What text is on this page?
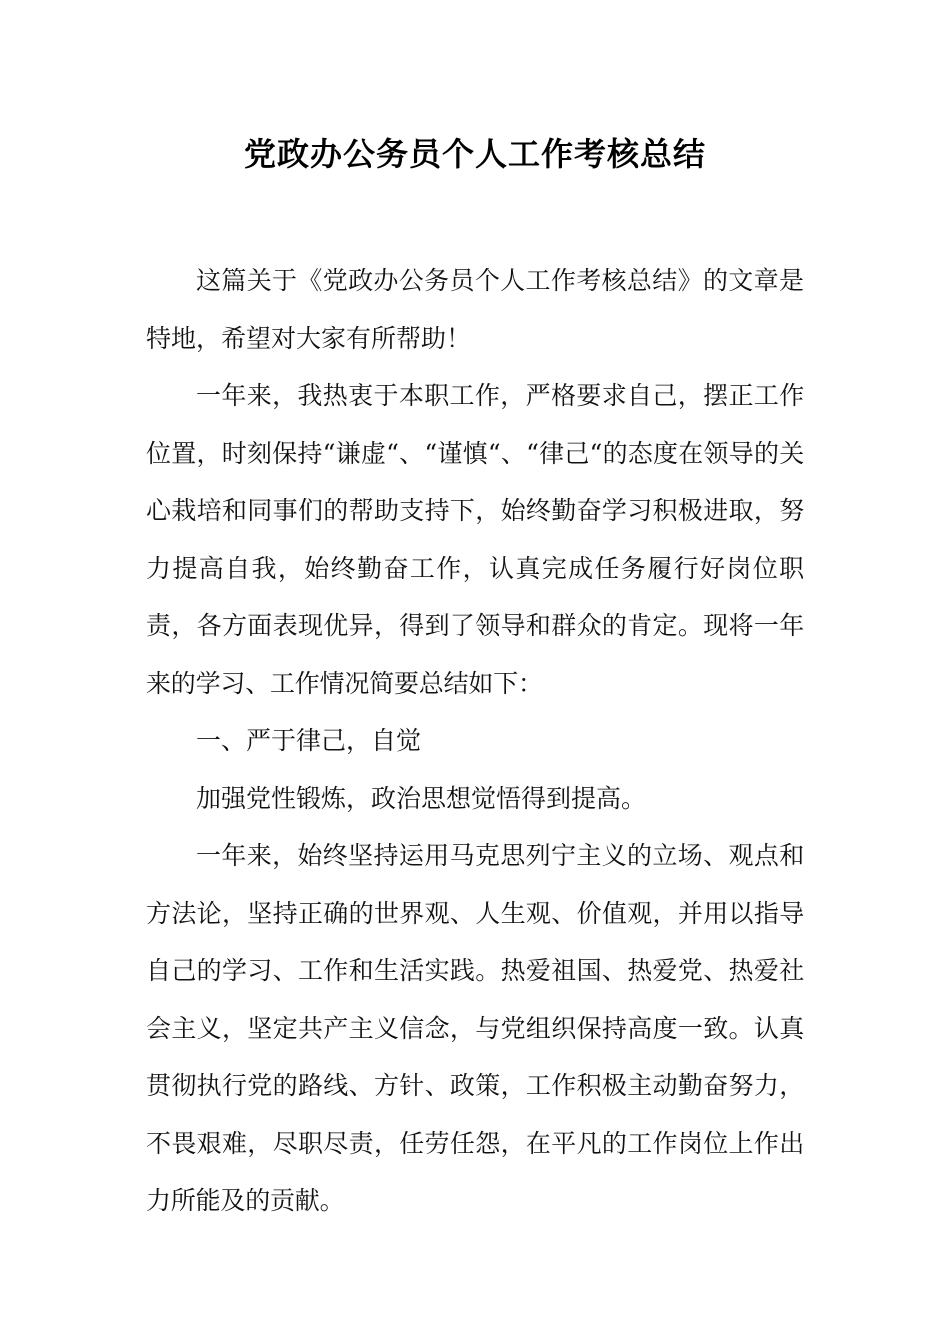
党政办公务员个人工作考核总结

这篇关于《党政办公务员个人工作考核总结》的文章是特地，希望对大家有所帮助！

一年来，我热衷于本职工作，严格要求自己，摆正工作位置，时刻保持“谦虚“、“谨慎“、“律己“的态度在领导的关心栽培和同事们的帮助支持下，始终勤奋学习积极进取，努力提高自我，始终勤奋工作，认真完成任务履行好岗位职责，各方面表现优异，得到了领导和群众的肯定。现将一年来的学习、工作情况简要总结如下：

一、严于律己，自觉

加强党性锻炼，政治思想觉悟得到提高。

一年来，始终坚持运用马克思列宁主义的立场、观点和方法论，坚持正确的世界观、人生观、价值观，并用以指导自己的学习、工作和生活实践。热爱祖国、热爱党、热爱社会主义，坚定共产主义信念，与党组织保持高度一致。认真贯彻执行党的路线、方针、政策，工作积极主动勤奋努力，不畏艰难，尽职尽责，任劳任怨，在平凡的工作岗位上作出力所能及的贡献。
